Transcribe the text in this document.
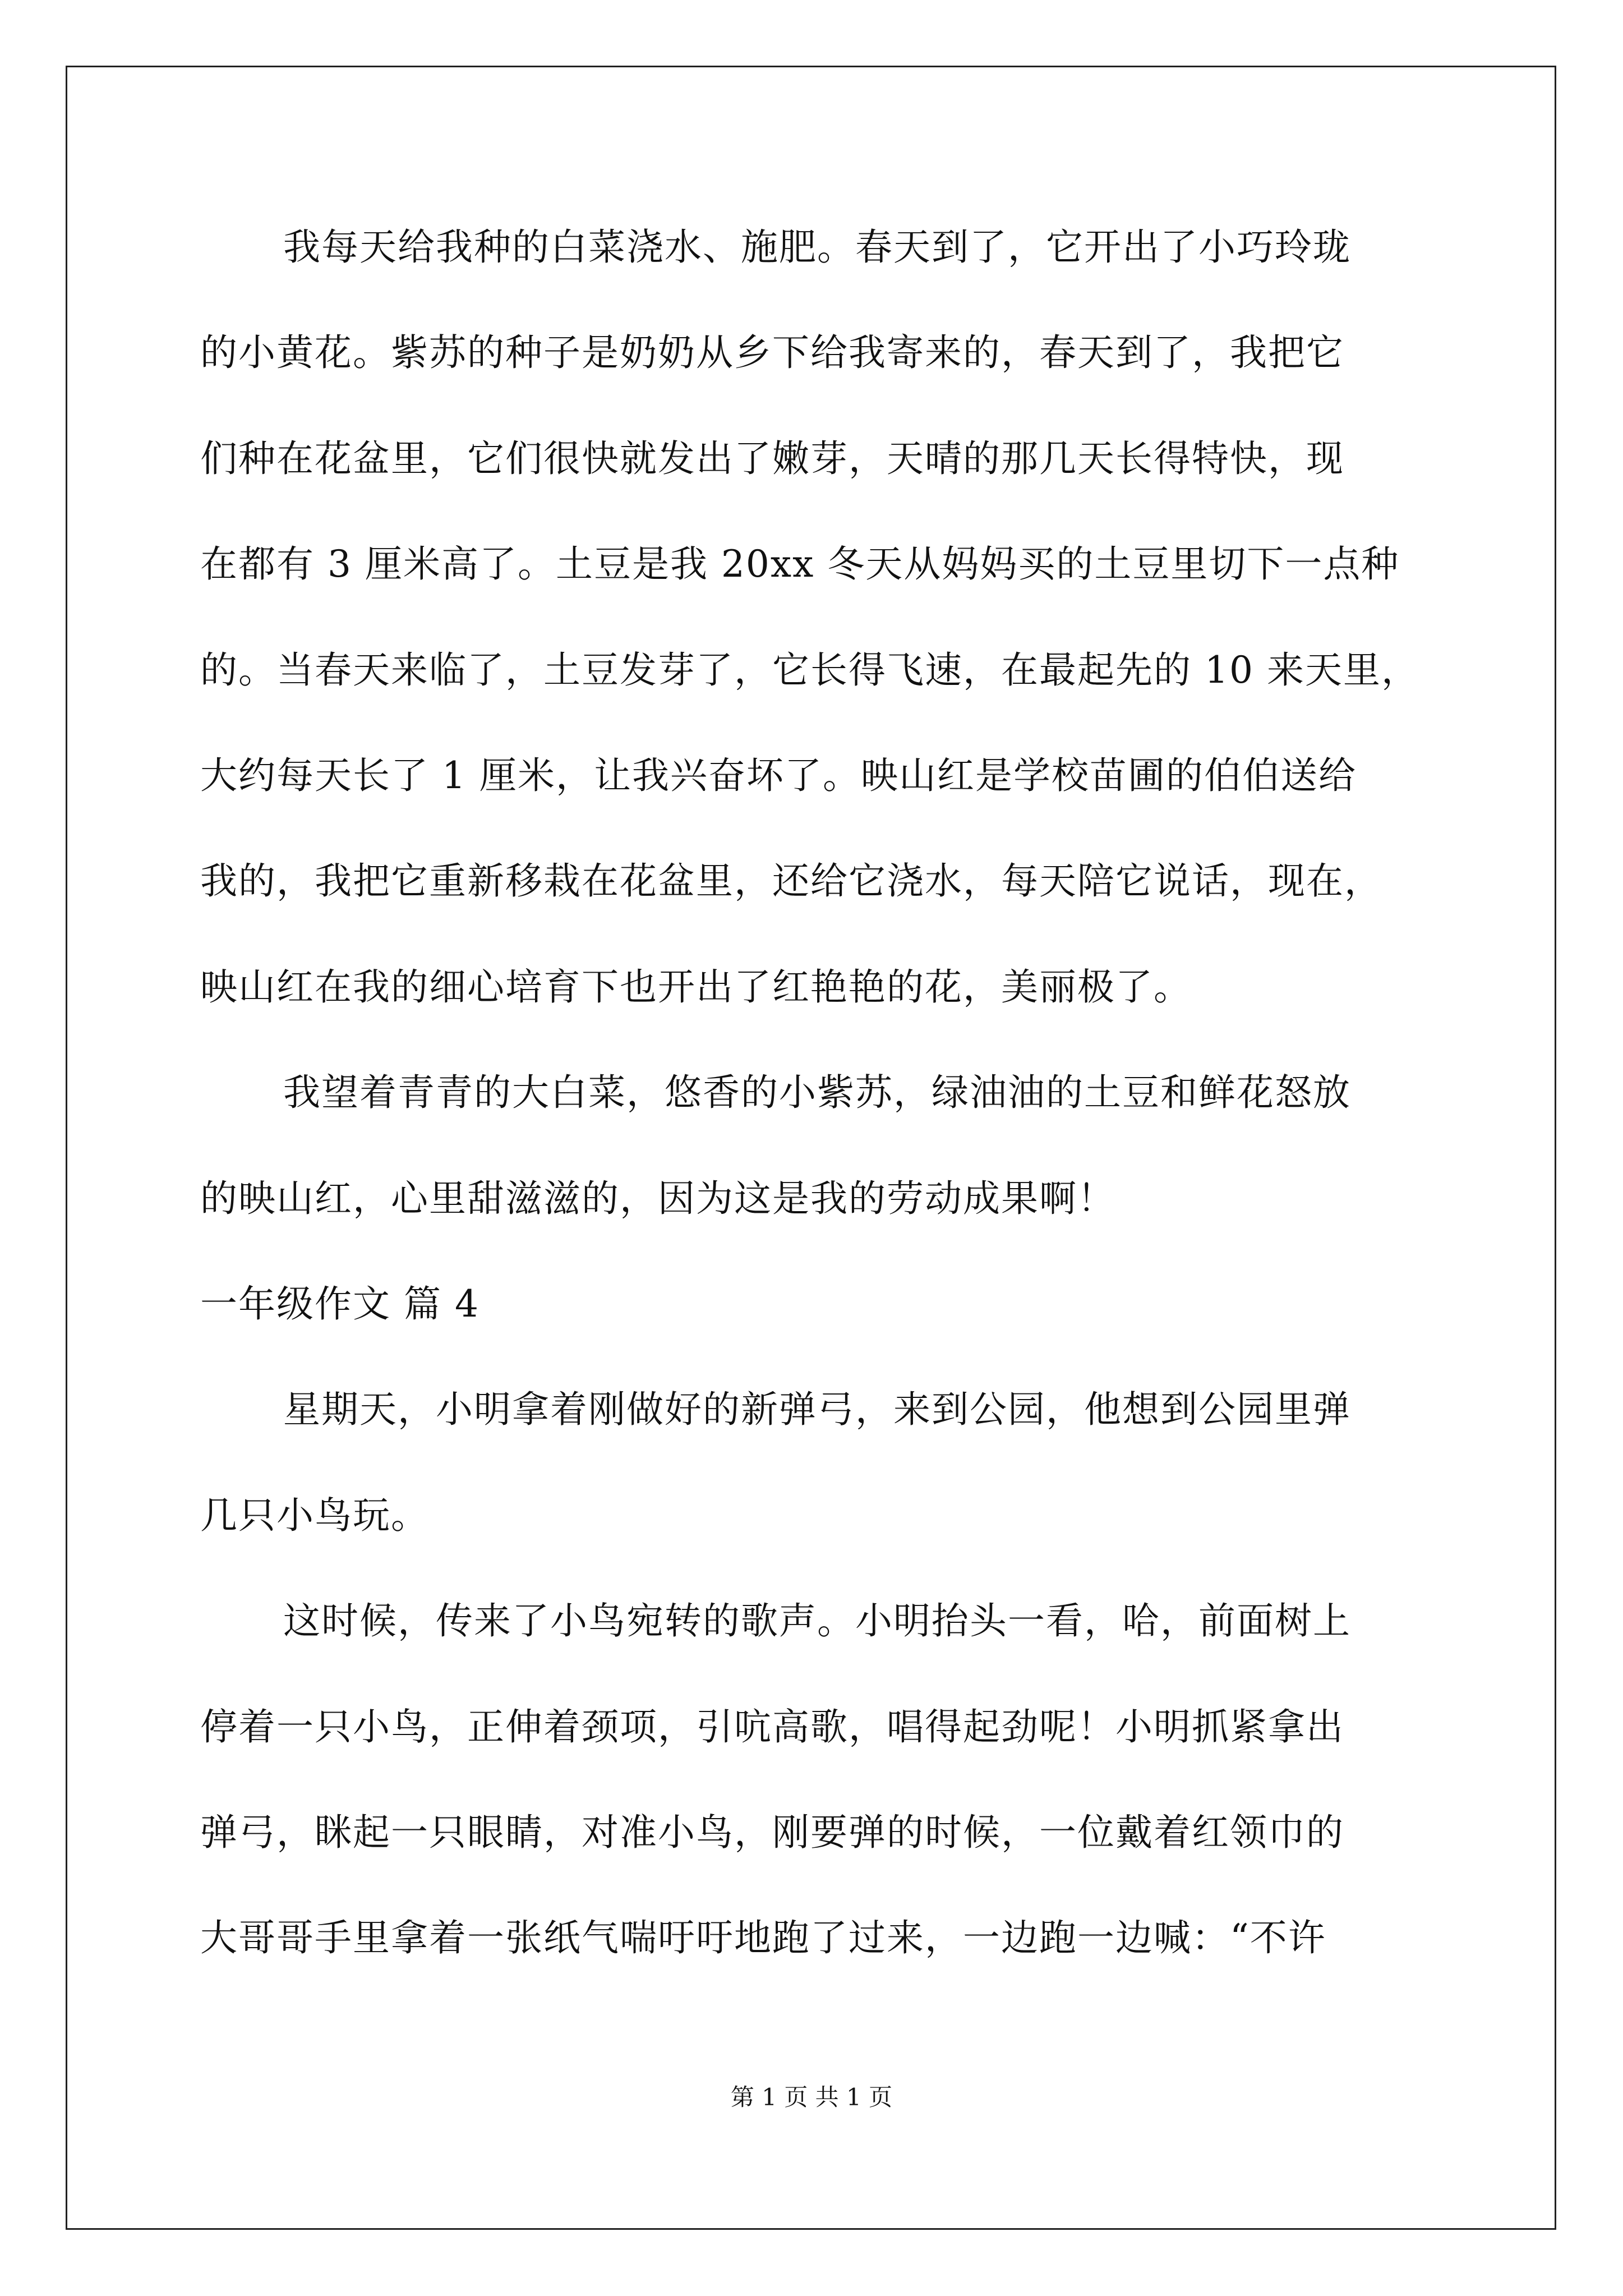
我每天给我种的白菜浇水、施肥。春天到了，它开出了小巧玲珑
的小黄花。紫苏的种子是奶奶从乡下给我寄来的，春天到了，我把它
们种在花盆里，它们很快就发出了嫩芽，天晴的那几天长得特快，现
在都有 3 厘米高了。土豆是我 20xx 冬天从妈妈买的土豆里切下一点种
的。当春天来临了，土豆发芽了，它长得飞速，在最起先的 10 来天里，
大约每天长了 1 厘米，让我兴奋坏了。映山红是学校苗圃的伯伯送给
我的，我把它重新移栽在花盆里，还给它浇水，每天陪它说话，现在，
映山红在我的细心培育下也开出了红艳艳的花，美丽极了。
我望着青青的大白菜，悠香的小紫苏，绿油油的土豆和鲜花怒放
的映山红，心里甜滋滋的，因为这是我的劳动成果啊！
一年级作文 篇 4
星期天，小明拿着刚做好的新弹弓，来到公园，他想到公园里弹
几只小鸟玩。
这时候，传来了小鸟宛转的歌声。小明抬头一看，哈，前面树上
停着一只小鸟，正伸着颈项，引吭高歌，唱得起劲呢！小明抓紧拿出
弹弓，眯起一只眼睛，对准小鸟，刚要弹的时候，一位戴着红领巾的
大哥哥手里拿着一张纸气喘吁吁地跑了过来，一边跑一边喊：“不许
第 1 页 共 1 页
